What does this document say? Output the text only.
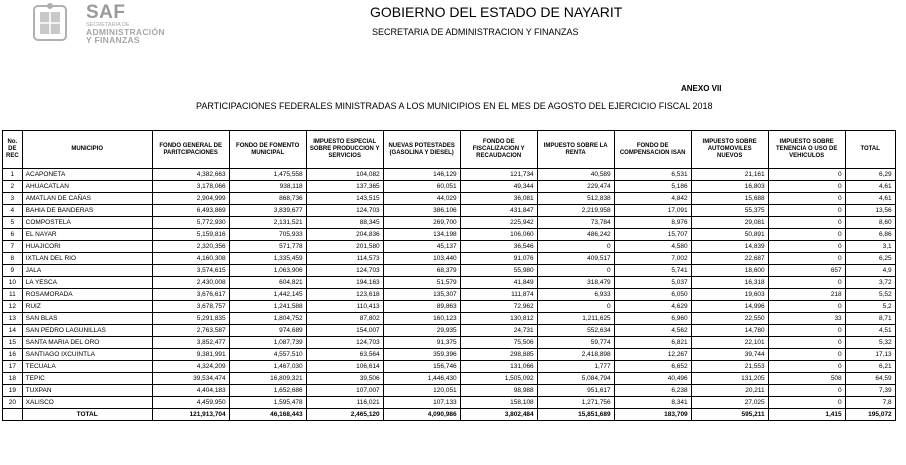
SAF
SECRETARÍA DE
ADMINISTRACIÓN
Y FINANZAS
GOBIERNO DEL ESTADO DE NAYARIT
SECRETARIA DE ADMINISTRACION Y FINANZAS
ANEXO VII
PARTICIPACIONES FEDERALES MINISTRADAS A LOS MUNICIPIOS EN EL MES DE AGOSTO DEL EJERCICIO FISCAL 2018
No. DE REC	MUNICIPIO	FONDO GENERAL DE PARITCIPACIONES	FONDO DE FOMENTO MUNICIPAL	IMPUESTO ESPECIAL SOBRE PRODUCCION Y SERVICIOS	NUEVAS POTESTADES (GASOLINA Y DIESEL)	FONDO DE FISCALIZACION Y RECAUDACION	IMPUESTO SOBRE LA RENTA	FONDO DE COMPENSACION ISAN	IMPUESTO SOBRE AUTOMOVILES NUEVOS	IMPUESTO SOBRE TENENCIA O USO DE VEHICULOS	TOTAL
1	ACAPONETA	4,382,663	1,475,558	104,082	146,129	121,734	40,589	6,531	21,161	0	6,29
2	AHUACATLAN	3,178,066	938,118	137,365	60,051	49,344	229,474	5,186	16,803	0	4,61
3	AMATLAN DE CAÑAS	2,904,999	868,736	143,515	44,029	36,081	512,838	4,842	15,688	0	4,61
4	BAHIA DE BANDERAS	6,493,869	3,839,677	124,703	386,106	431,847	2,219,958	17,091	55,375	0	13,56
5	COMPOSTELA	5,772,930	2,131,521	88,345	269,700	225,942	73,784	8,976	29,081	0	8,60
6	EL NAYAR	5,159,816	705,933	204,836	134,198	106,060	486,242	15,707	50,891	0	6,86
7	HUAJICORI	2,320,356	571,778	201,580	45,137	36,546	0	4,580	14,839	0	3,1
8	IXTLAN DEL RIO	4,160,308	1,335,459	114,573	103,440	91,076	409,517	7,002	22,687	0	6,25
9	JALA	3,574,615	1,063,906	124,703	68,379	55,980	0	5,741	18,600	657	4,9
10	LA YESCA	2,430,008	604,821	194,163	51,579	41,849	318,479	5,037	16,318	0	3,72
11	ROSAMORADA	3,676,617	1,442,145	123,618	135,307	111,874	6,933	6,050	19,603	218	5,52
12	RUIZ	3,678,757	1,241,588	110,413	89,863	72,962	0	4,629	14,996	0	5,2
13	SAN BLAS	5,291,835	1,804,752	87,802	160,123	130,812	1,211,625	6,960	22,550	33	8,71
14	SAN PEDRO LAGUNILLAS	2,763,587	974,689	154,007	29,935	24,731	552,634	4,562	14,780	0	4,51
15	SANTA MARIA DEL ORO	3,852,477	1,087,739	124,703	91,375	75,506	59,774	6,821	22,101	0	5,32
16	SANTIAGO IXCUINTLA	9,381,991	4,557,510	63,564	359,396	298,885	2,418,898	12,267	39,744	0	17,13
17	TECUALA	4,324,209	1,467,030	106,614	156,746	131,066	1,777	6,652	21,553	0	6,21
18	TEPIC	39,534,474	16,809,321	39,506	1,446,430	1,505,092	5,084,794	40,496	131,205	508	64,59
19	TUXPAN	4,404,183	1,652,686	107,007	120,051	98,988	951,617	6,238	20,211	0	7,39
20	XALISCO	4,459,950	1,595,478	116,021	107,133	158,108	1,271,756	8,341	27,025	0	7,8
	TOTAL	121,913,704	46,168,443	2,465,120	4,090,986	3,802,484	15,851,689	183,709	595,211	1,415	195,072
